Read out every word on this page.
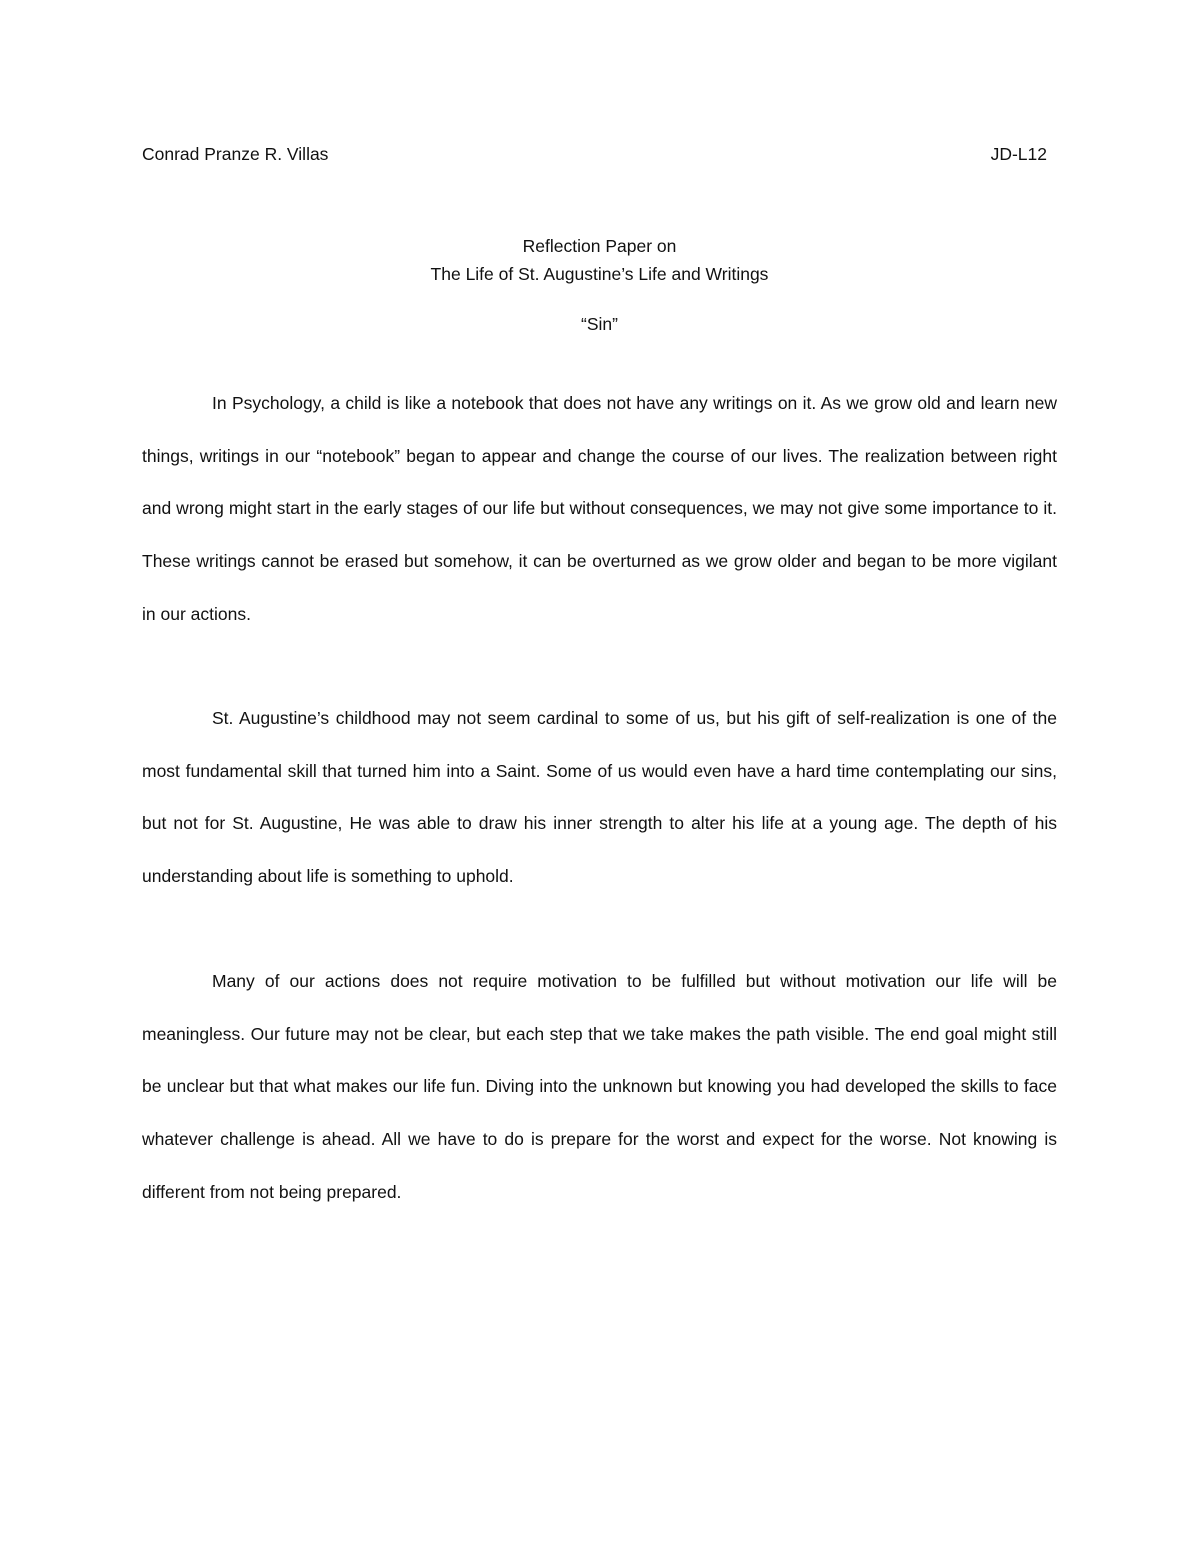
Conrad Pranze R. Villas	JD-L12
Reflection Paper on
The Life of St. Augustine’s Life and Writings
“Sin”

In Psychology, a child is like a notebook that does not have any writings on it. As we grow old and learn new things, writings in our “notebook” began to appear and change the course of our lives. The realization between right and wrong might start in the early stages of our life but without consequences, we may not give some importance to it. These writings cannot be erased but somehow, it can be overturned as we grow older and began to be more vigilant in our actions.

St. Augustine’s childhood may not seem cardinal to some of us, but his gift of self-realization is one of the most fundamental skill that turned him into a Saint. Some of us would even have a hard time contemplating our sins, but not for St. Augustine, He was able to draw his inner strength to alter his life at a young age. The depth of his understanding about life is something to uphold.

Many of our actions does not require motivation to be fulfilled but without motivation our life will be meaningless. Our future may not be clear, but each step that we take makes the path visible. The end goal might still be unclear but that what makes our life fun. Diving into the unknown but knowing you had developed the skills to face whatever challenge is ahead. All we have to do is prepare for the worst and expect for the worse. Not knowing is different from not being prepared.
